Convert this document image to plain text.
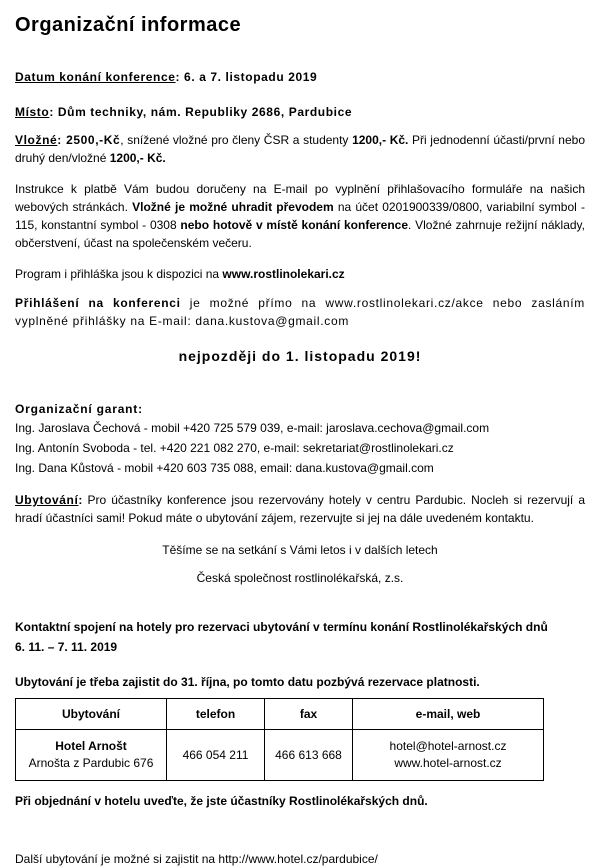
Organizační informace

Datum konání konference: 6. a 7. listopadu 2019

Místo: Dům techniky, nám. Republiky 2686, Pardubice

Vložné: 2500,-Kč, snížené vložné pro členy ČSR a studenty 1200,- Kč. Při jednodenní účasti/první nebo druhý den/vložné 1200,- Kč.

Instrukce k platbě Vám budou doručeny na E-mail po vyplnění přihlašovacího formuláře na našich webových stránkách. Vložné je možné uhradit převodem na účet 0201900339/0800, variabilní symbol - 115, konstantní symbol - 0308 nebo hotově v místě konání konference. Vložné zahrnuje režijní náklady, občerstvení, účast na společenském večeru.

Program i přihláška jsou k dispozici na www.rostlinolekari.cz

Přihlášení na konferenci je možné přímo na www.rostlinolekari.cz/akce nebo zasláním vyplněné přihlášky na E-mail: dana.kustova@gmail.com

nejpozději do 1. listopadu 2019!

Organizační garant:

Ing. Jaroslava Čechová - mobil +420 725 579 039, e-mail: jaroslava.cechova@gmail.com

Ing. Antonín Svoboda - tel. +420 221 082 270, e-mail: sekretariat@rostlinolekari.cz

Ing. Dana Kůstová - mobil +420 603 735 088, email: dana.kustova@gmail.com

Ubytování: Pro účastníky konference jsou rezervovány hotely v centru Pardubic. Nocleh si rezervují a hradí účastníci sami! Pokud máte o ubytování zájem, rezervujte si jej na dále uvedeném kontaktu.

Těšíme se na setkání s Vámi letos i v dalších letech

Česká společnost rostlinolékařská, z.s.

Kontaktní spojení na hotely pro rezervaci ubytování v termínu konání Rostlinolékařských dnů
6. 11. – 7. 11. 2019

Ubytování je třeba zajistit do 31. října, po tomto datu pozbývá rezervace platnosti.

Ubytování	telefon	fax	e-mail, web
Hotel Arnošt
Arnošta z Pardubic 676	466 054 211	466 613 668	hotel@hotel-arnost.cz
www.hotel-arnost.cz

Při objednání v hotelu uveďte, že jste účastníky Rostlinolékařských dnů.

Další ubytování je možné si zajistit na http://www.hotel.cz/pardubice/
